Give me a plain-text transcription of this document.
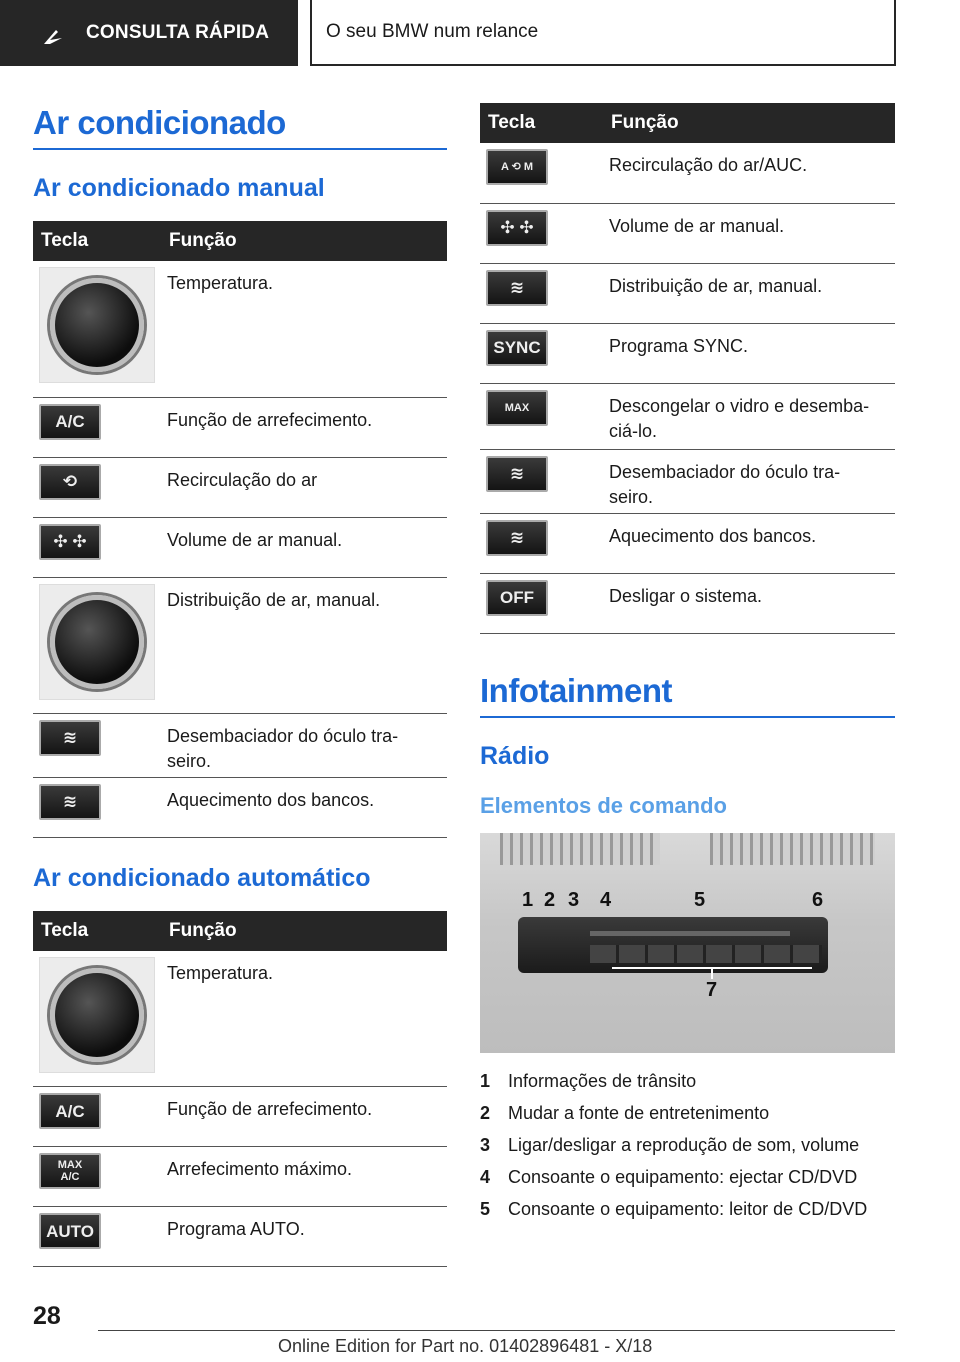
CONSULTA RÁPIDA	O seu BMW num relance
Ar condicionado
Ar condicionado manual
Tecla	Função

	Temperatura.

A/C	Função de arrefecimento.

⟲	Recirculação do ar

✣ ✣	Volume de ar manual.

	Distribuição de ar, manual.

≋	Desembaciador do óculo tra-
seiro.

≋	Aquecimento dos bancos.
Ar condicionado automático
Tecla	Função

	Temperatura.

A/C	Função de arrefecimento.

MAX
A/C	Arrefecimento máximo.

AUTO	Programa AUTO.
Tecla	Função

A ⟲ M	Recirculação do ar/AUC.

✣ ✣	Volume de ar manual.

≋	Distribuição de ar, manual.

SYNC	Programa SYNC.

MAX	Descongelar o vidro e desemba-
ciá-lo.

≋	Desembaciador do óculo tra-
seiro.

≋	Aquecimento dos bancos.

OFF	Desligar o sistema.
Infotainment
Rádio
Elementos de comando
1 2 3 4	5	6
7
1 Informações de trânsito
2 Mudar a fonte de entretenimento
3 Ligar/desligar a reprodução de som, volume
4 Consoante o equipamento: ejectar CD/DVD
5 Consoante o equipamento: leitor de CD/DVD
28
Online Edition for Part no. 01402896481 - X/18
